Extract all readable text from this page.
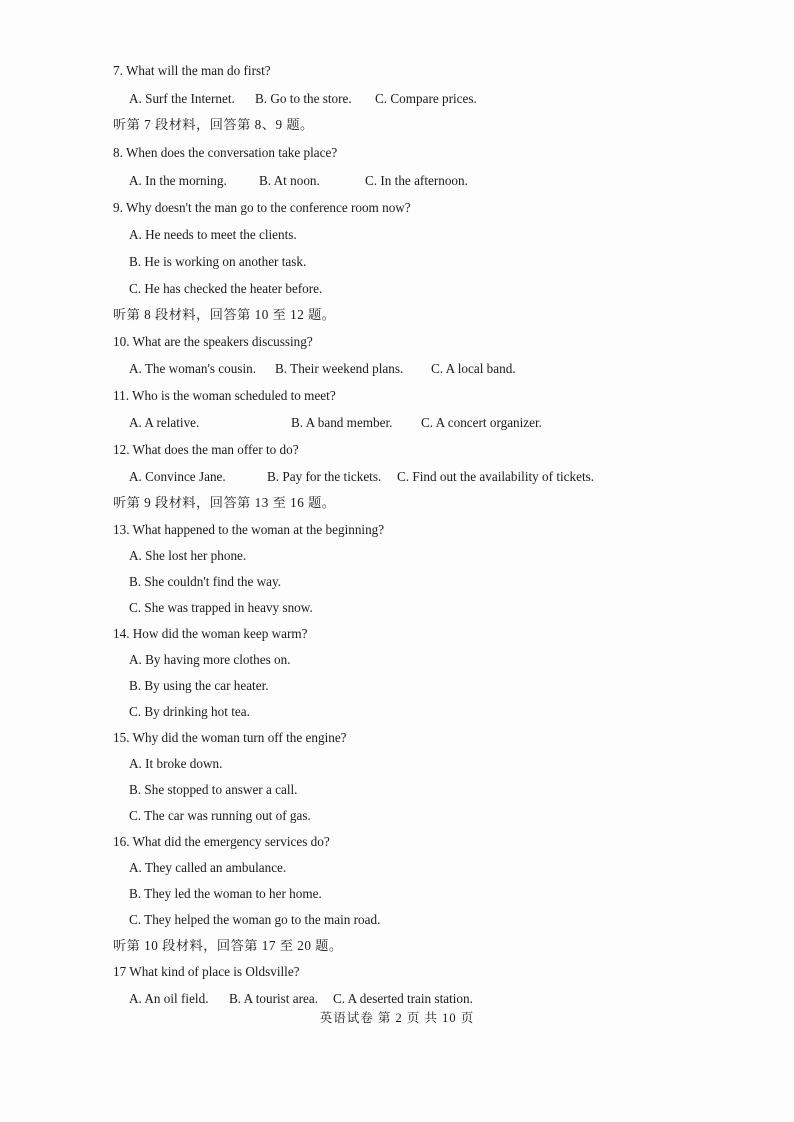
7. What will the man do first?
A. Surf the Internet.	B. Go to the store.	C. Compare prices.
听第 7 段材料，回答第 8、9 题。
8. When does the conversation take place?
A. In the morning.	B. At noon.	C. In the afternoon.
9. Why doesn't the man go to the conference room now?
A. He needs to meet the clients.
B. He is working on another task.
C. He has checked the heater before.
听第 8 段材料，回答第 10 至 12 题。
10. What are the speakers discussing?
A. The woman's cousin.	B. Their weekend plans.	C. A local band.
11. Who is the woman scheduled to meet?
A. A relative.	B. A band member.	C. A concert organizer.
12. What does the man offer to do?
A. Convince Jane.	B. Pay for the tickets.	C. Find out the availability of tickets.
听第 9 段材料，回答第 13 至 16 题。
13. What happened to the woman at the beginning?
A. She lost her phone.
B. She couldn't find the way.
C. She was trapped in heavy snow.
14. How did the woman keep warm?
A. By having more clothes on.
B. By using the car heater.
C. By drinking hot tea.
15. Why did the woman turn off the engine?
A. It broke down.
B. She stopped to answer a call.
C. The car was running out of gas.
16. What did the emergency services do?
A. They called an ambulance.
B. They led the woman to her home.
C. They helped the woman go to the main road.
听第 10 段材料，回答第 17 至 20 题。
17 What kind of place is Oldsville?
A. An oil field.	B. A tourist area.	C. A deserted train station.
英语试卷 第 2 页 共 10 页
